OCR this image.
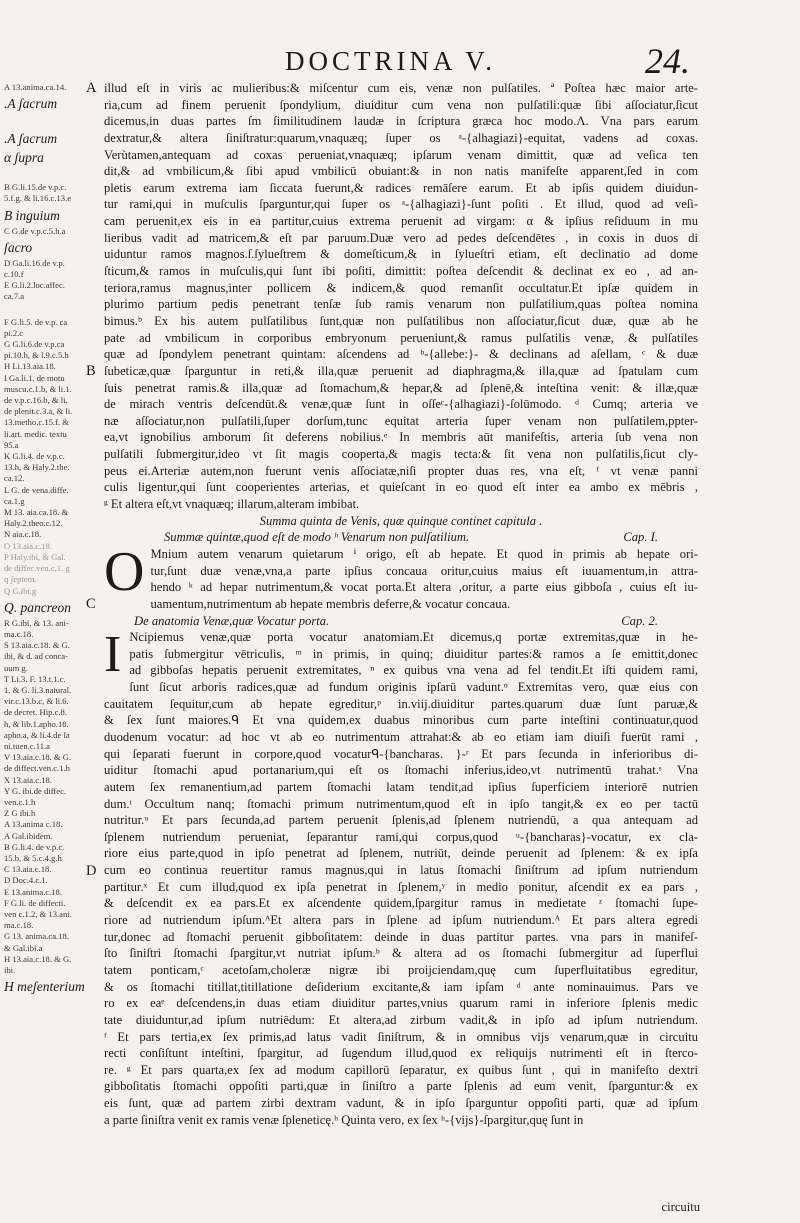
DOCTRINA V.	24.
A 13.anima.ca.14.
.A ʃacrum
.A ʃacrum
α ʃupra
B G.li.15.de v.p.c.
5.f.g. & li.16.c.13.e
B inguium
C G.de v.p.c.5.h.a
ʃacro
D Ga.li.16.de v.p.
c.10.f
E G.li.2.loc.affec.
ca.7.a
F G.li.5. de v.p. ca
pi.2.c
G G.li.6.de v.p.ca
pi.10.h, & l.9.c.5.h
H Li.13.aia.18.
I Ga.li.1. de motu
muscu.c.1.b, & li.1.
de v.p.c.16.b, & li.
de plenit.c.3.a, & li.
13.metho.c.15.f. &
li.art. medic. textu
95.a
K G.li.4. de v.p.c.
13.h, & Haly.2.the.
ca.12.
L G. de vena.diffe.
ca.1.g
M 13. aia.ca.18. &
Haly.2.theo.c.12.
N aia.c.18.
O 13.aia.c.18.
P Haly.ibi, & Gal.
de diffec.ven.c.1. g
q ʃeptem.
Q G.ibi.g
Q. pancreon
R G.ibi, & 13. ani-
ma.c.18.
S 13.aia.c.18. & G.
ibi, & d. ad conca-
uum g.
T Li.3. F. 13.t.1.c.
1. & G. li.3.natural.
vir.c.13.b.c, & li.6.
de decret. Hip.c.8.
h, & lib.1.apho.18.
apho.a, & li.4.de ſa
ni.tuen.c.11.a
V 13.aia.c.18. & G.
de diffect.ven.c.1.h
X 13.aia.c.18.
Y G. ibi.de diffec.
ven.c.1.h
Z G ibi.h
A 13.anima c.18.
A Gal.ibidem.
B G.li.4. de v.p.c.
15.b, & 5.c.4.g.h
C 13.aia.c.18.
D Doc.4.c.1.
E 13.anima.c.18.
F G.li. de diffecti.
ven c.1.2, & 13.ani.
ma.c.18.
G 13. anima.ca.18.
& Gal.ibi.a
H 13.aia.c.18. & G.
ibi.
H meʃenterium
A
B
C
D
illud eſt in viris ac mulieribus:& miſcentur cum eis, venæ non pulſatiles. ª Poſtea hæc maior arte-
ria,cum ad finem peruenit ſpondylium, diuiditur cum vena non pulſatili:quæ ſibi aſſociatur,ſicut
dicemus,in duas partes ſm ſimilitudinem laudæ in ſcriptura græca hoc modo.Λ. Vna pars earum
dextratur,& altera ſiniſtratur:quarum,vnaquæq; ſuper os ᵃ-{alhagiazi}-equitat, vadens ad coxas.
Verùtamen,antequam ad coxas perueniat,vnaquæq; ipſarum venam dimittit, quæ ad veſica ten
dit,& ad vmbilicum,& ſibi apud vmbilicū obuiant:& in non natis manifeſte apparent,ſed in com
pletis earum extrema iam ſiccata fuerunt,& radices remāſere earum. Et ab ipſis quidem diuidun-
tur rami,qui in muſculis ſparguntur,qui ſuper os ᵃ-{alhagiazi}-ſunt poſiti . Et illud, quod ad veſi-
cam peruenit,ex eis in ea partitur,cuius extrema peruenit ad virgam: α & ipſius reſiduum in mu
lieribus vadit ad matricem,& eſt par paruum.Duæ vero ad pedes deſcendētes , in coxis in duos di
uiduntur ramos magnos.ſ.ſylueſtrem & domeſticum,& in ſylueſtri etiam, eſt declinatio ad dome
ſticum,& ramos in muſculis,qui ſunt ibi poſiti, dimittit: poſtea deſcendit & declinat ex eo , ad an-
teriora,ramus magnus,inter pollicem & indicem,& quod remanſit occultatur.Et ipſæ quidem in
plurimo partium pedis penetrant tenſæ ſub ramis venarum non pulſatilium,quas poſtea nomina
bimus.ᵇ Ex his autem pulſatilibus ſunt,quæ non pulſatilibus non aſſociatur,ſicut duæ, quæ ab he
pate ad vmbilicum in corporibus embryonum perueniunt,& ramus pulſatilis venæ, & pulſatiles
quæ ad ſpondylem penetrant quintam: aſcendens ad ᵇ-{allebe:}- & declinans ad aſellam, ᶜ & duæ
ſubeticæ,quæ ſparguntur in reti,& illa,quæ peruenit ad diaphragma,& illa,quæ ad ſpatulam cum
ſuis penetrat ramis.& illa,quæ ad ſtomachum,& hepar,& ad ſplenē,& inteſtina venit: & illæ,quæ
de mirach ventris deſcendūt.& venæ,quæ ſunt in oſſeᶜ-{alhagiazi}-ſolūmodo. ᵈ Cumq; arteria ve
næ aſſociatur,non pulſatili,ſuper dorſum,tunc equitat arteria ſuper venam non pulſatilem,ppter-
ea,vt ignobilius amborum ſit deferens nobilius.ᵉ In membris aūt manifeſtis, arteria ſub vena non
pulſatili ſubmergitur,ideo vt ſit magis cooperta,& magis tecta:& ſit vena non pulſatilis,ſicut cly-
peus ei.Arteriæ autem,non fuerunt venis aſſociatæ,niſi propter duas res, vna eſt, ᶠ vt venæ panni
culis ligentur,qui ſunt cooperientes arterias, et quieſcant in eo quod eſt inter ea ambo ex mēbris ,
ᵍ Et altera eſt,vt vnaquæq; illarum,alteram imbibat.
Summa quinta de Venis, quæ quinque continet capitula .
Summæ quintæ,quod eſt de modo ʰ Venarum non pulſatilium.	Cap. I.
O Mnium autem venarum quietarum ⁱ origo, eſt ab hepate. Et quod in primis ab hepate ori-
tur,ſunt duæ venæ,vna,a parte ipſius concaua oritur,cuius maius eſt iuuamentum,in attra-
hendo ᵏ ad hepar nutrimentum,& vocat porta.Et altera ,oritur, a parte eius gibboſa , cuius eſt iu-
uamentum,nutrimentum ab hepate membris deferre,& vocatur concaua.
De anatomia Venæ,quæ Vocatur porta.	Cap. 2.
I Ncipiemus venæ,quæ porta vocatur anatomiam.Et dicemus,q portæ extremitas,quæ in he-
patis ſubmergitur vētriculis, ᵐ in primis, in quinq; diuiditur partes:& ramos a ſe emittit,donec
ad gibboſas hepatis peruenit extremitates, ⁿ ex quibus vna vena ad fel tendit.Et iſti quidem rami,
ſunt ſicut arboris radices,quæ ad fundum originis ipſarū vadunt.ᵒ Extremitas vero, quæ eius con
cauitatem ſequitur,cum ab hepate egreditur,ᵖ in.viij.diuiditur partes.quarum duæ ſunt paruæ,&
& ſex ſunt maiores.ᑫ Et vna quidem,ex duabus minoribus cum parte inteſtini continuatur,quod
duodenum vocatur: ad hoc vt ab eo nutrimentum attrahat:& ab eo etiam iam diuiſi fuerūt rami ,
qui ſeparati fuerunt in corpore,quod vocaturᑫ-{bancharas. }-ʳ Et pars ſecunda in inferioribus di-
uiditur ſtomachi apud portanarium,qui eſt os ſtomachi inferius,ideo,vt nutrimentū trahat.ˢ Vna
autem ſex remanentium,ad partem ſtomachi latam tendit,ad ipſius ſuperficiem interiorē nutrien
dum.ᵗ Occultum nanq; ſtomachi primum nutrimentum,quod eſt in ipſo tangit,& ex eo per tactū
nutritur.ᵘ Et pars ſecunda,ad partem peruenit ſplenis,ad ſplenem nutriendū, a qua antequam ad
ſplenem nutriendum perueniat, ſeparantur rami,qui corpus,quod ᵘ-{bancharas}-vocatur, ex cla-
riore eius parte,quod in ipſo penetrat ad ſplenem, nutriūt, deinde peruenit ad ſplenem: & ex ipſa
cum eo continua reuertitur ramus magnus,qui in latus ſtomachi ſiniſtrum ad ipſum nutriendum
partitur.ˣ Et cum illud,quod ex ipſa penetrat in ſplenem,ʸ in medio ponitur, aſcendit ex ea pars ,
& deſcendit ex ea pars.Et ex aſcendente quidem,ſpargitur ramus in medietate ᶻ ſtomachi ſupe-
riore ad nutriendum ipſum.ᴬEt altera pars in ſplene ad ipſum nutriendum.ᴬ Et pars altera egredi
tur,donec ad ſtomachi peruenit gibboſitatem: deinde in duas partitur partes. vna pars in manifeſ-
ſto ſiniſtri ſtomachi ſpargitur,vt nutriat ipſum.ᵇ & altera ad os ſtomachi ſubmergitur ad ſuperflui
tatem ponticam,ᶜ acetoſam,choleræ nigræ ibi proijciendam,quę cum ſuperfluitatibus egreditur,
& os ſtomachi titillat,titillatione deſiderium excitante,& iam ipſam ᵈ ante nominauimus. Pars ve
ro ex eaᵉ deſcendens,in duas etiam diuiditur partes,vnius quarum rami in inferiore ſplenis medic
tate diuiduntur,ad ipſum nutriēdum: Et altera,ad zirbum vadit,& in ipſo ad ipſum nutriendum.
ᶠ Et pars tertia,ex ſex primis,ad latus vadit ſiniſtrum, & in omnibus vijs venarum,quæ in circuitu
recti conſiſtunt inteſtini, ſpargitur, ad ſugendum illud,quod ex reliquijs nutrimenti eſt in ſterco-
re. ᵍ Et pars quarta,ex ſex ad modum capillorū ſeparatur, ex quibus ſunt , qui in manifeſto dextri
gibboſitatis ſtomachi oppoſiti parti,quæ in ſiniſtro a parte ſplenis ad eum venit, ſparguntur:& ex
eis ſunt, quæ ad partem zirbi dextram vadunt, & in ipſo ſparguntur oppoſiti parti, quæ ad ipſum
a parte ſiniſtra venit ex ramis venæ ſpleneticę.ʰ Quinta vero, ex ſex ʰ-{vijs}-ſpargitur,quę ſunt in
circuitu
